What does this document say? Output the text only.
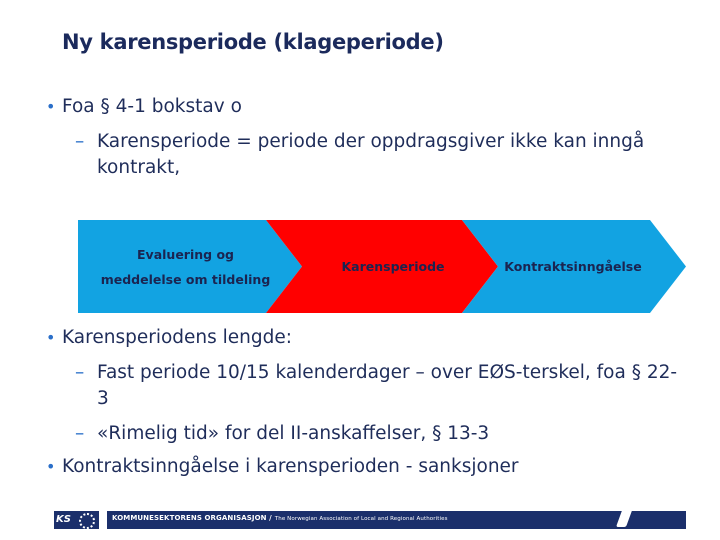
Ny karensperiode (klageperiode)
• Foa § 4-1 bokstav o
– Karensperiode = periode der oppdragsgiver ikke kan inngå kontrakt,
Evaluering og
meddelelse om tildeling
Karensperiode	Kontraktsinngåelse
• Karensperiodens lengde:
– Fast periode 10/15 kalenderdager – over EØS-terskel, foa § 22-3
– «Rimelig tid» for del II-anskaffelser, § 13-3
• Kontraktsinngåelse i karensperioden - sanksjoner
KS	KOMMUNESEKTORENS ORGANISASJON / The Norwegian Association of Local and Regional Authorities
